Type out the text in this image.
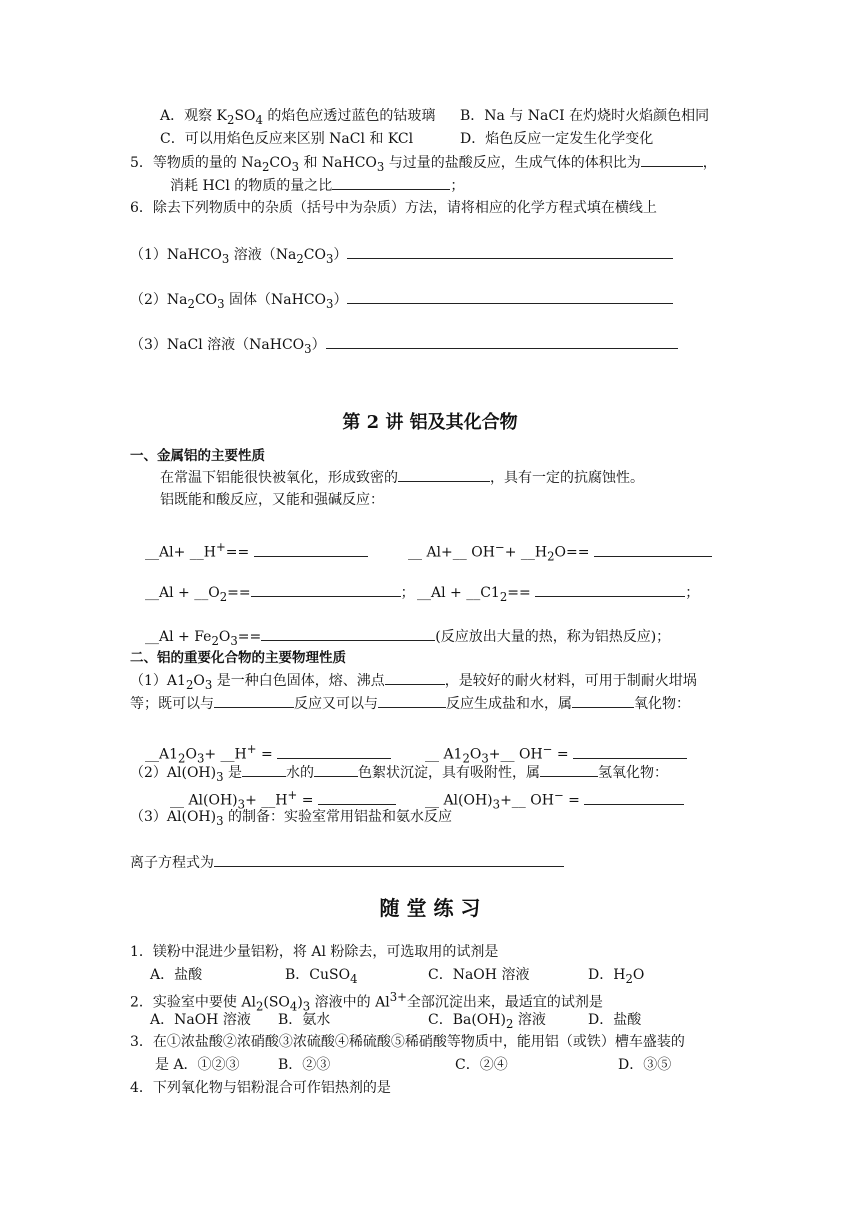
A．观察 $K_2SO_4$ 的焰色应透过蓝色的钴玻璃 B．Na 与 NaCI 在灼烧时火焰颜色相同
C．可以用焰色反应来区别 NaCl 和 KCl	D．焰色反应一定发生化学变化
5．等物质的量的 $Na_2CO_3$ 和 NaHCO$_3$ 与过量的盐酸反应，生成气体的体积比为	，
消耗 HCl 的物质的量之比	；
6．除去下列物质中的杂质（括号中为杂质）方法，请将相应的化学方程式填在横线上
（1）NaHCO$_3$ 溶液$(Na_2CO_3)$
$(2)Na_2CO_3$ 固体（NaHCO$_3$）
（3）NaCl 溶液（NaHCO$_3$）
第 2 讲 铝及其化合物
一、金属铝的主要性质
在常温下铝能很快被氧化，形成致密的	，具有一定的抗腐蚀性。
铝既能和酸反应，又能和强碱反应：
__Al+ __H+==	__ Al+__ $OH^-+ \_\_H_2O==$
__Al + $\_\_O_2==$	； __Al + $\_\_C1_2==$	；
__Al + $Fe_2O_3==$	(反应放出大量的热，称为铝热反应)；
二、铝的重要化合物的主要物理性质
$(1)A1_2O_3$ 是一种白色固体，熔、沸点	，是较好的耐火材料，可用于制耐火坩埚
等；既可以与	反应又可以与	反应生成盐和水，属	氧化物：
$\_\_A1_2O_3+$ __H+ =	__ $A1_2O_3+\_\_$ OH− =
$(2)Al(OH)_3$ 是	水的	色絮状沉淀，具有吸附性，属	氢氧化物：
__ $Al(OH)_3+$ __H+ =	__ $Al(OH)_3+\_\_$ OH− =
$(3)Al(OH)_3$ 的制备：实验室常用铝盐和氨水反应
离子方程式为
随 堂 练 习
1．镁粉中混进少量铝粉，将 Al 粉除去，可选取用的试剂是
A．盐酸	B．CuSO$_4$	C．NaOH 溶液	D．$H_2O$
2．实验室中要使 $Al_2(SO_4)_3$ 溶液中的 $Al^{3+}$全部沉淀出来，最适宜的试剂是
A．NaOH 溶液 B．氨水	C．$Ba(OH)_2$ 溶液	D．盐酸
3．在①浓盐酸②浓硝酸③浓硫酸④稀硫酸⑤稀硝酸等物质中，能用铝（或铁）槽车盛装的
是 A．①②③	B．②③	C．②④	D．③⑤
4．下列氧化物与铝粉混合可作铝热剂的是
